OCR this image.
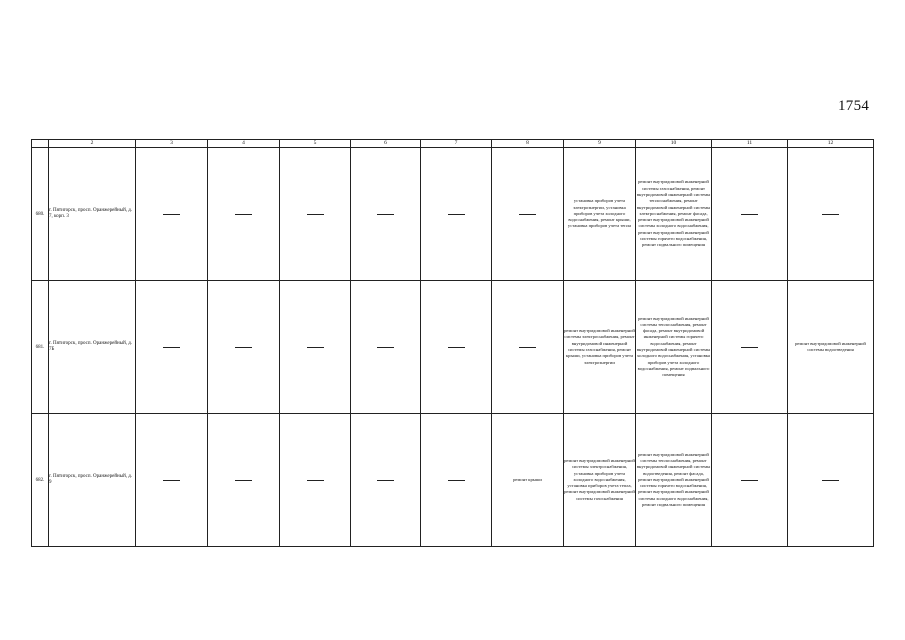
1754
	2	3	4	5	6	7	8	9	10	11	12
680.	г. Пятигорск, просп. Оранжерейный, д. 7, корп. 3							установка приборов учета электроэнергии, установка приборов учета холодного водоснабжения, ремонт крыши, установка приборов учета тепла	ремонт внутридомовой инженерной системы газоснабжения, ремонт внутридомовой инженерной системы теплоснабжения, ремонт внутридомовой инженерной системы электроснабжения, ремонт фасада, ремонт внутридомовой инженерной системы холодного водоснабжения, ремонт внутридомовой инженерной системы горячего водоснабжения, ремонт подвального помещения		
681.	г. Пятигорск, просп. Оранжерейный, д. 7Б							ремонт внутридомовой инженерной системы электроснабжения, ремонт внутридомовой инженерной системы газоснабжения, ремонт крыши, установка приборов учета электроэнергии	ремонт внутридомовой инженерной системы теплоснабжения, ремонт фасада, ремонт внутридомовой инженерной системы горячего водоснабжения, ремонт внутридомовой инженерной системы холодного водоснабжения, установка приборов учета холодного водоснабжения, ремонт подвального помещения		ремонт внутридомовой инженерной системы водоотведения
682.	г. Пятигорск, просп. Оранжерейный, д. 9						ремонт крыши	ремонт внутридомовой инженерной системы электроснабжения, установка приборов учета холодного водоснабжения, установка приборов учета тепла, ремонт внутридомовой инженерной системы газоснабжения	ремонт внутридомовой инженерной системы теплоснабжения, ремонт внутридомовой инженерной системы водоотведения, ремонт фасада, ремонт внутридомовой инженерной системы горячего водоснабжения, ремонт внутридомовой инженерной системы холодного водоснабжения, ремонт подвального помещения		
